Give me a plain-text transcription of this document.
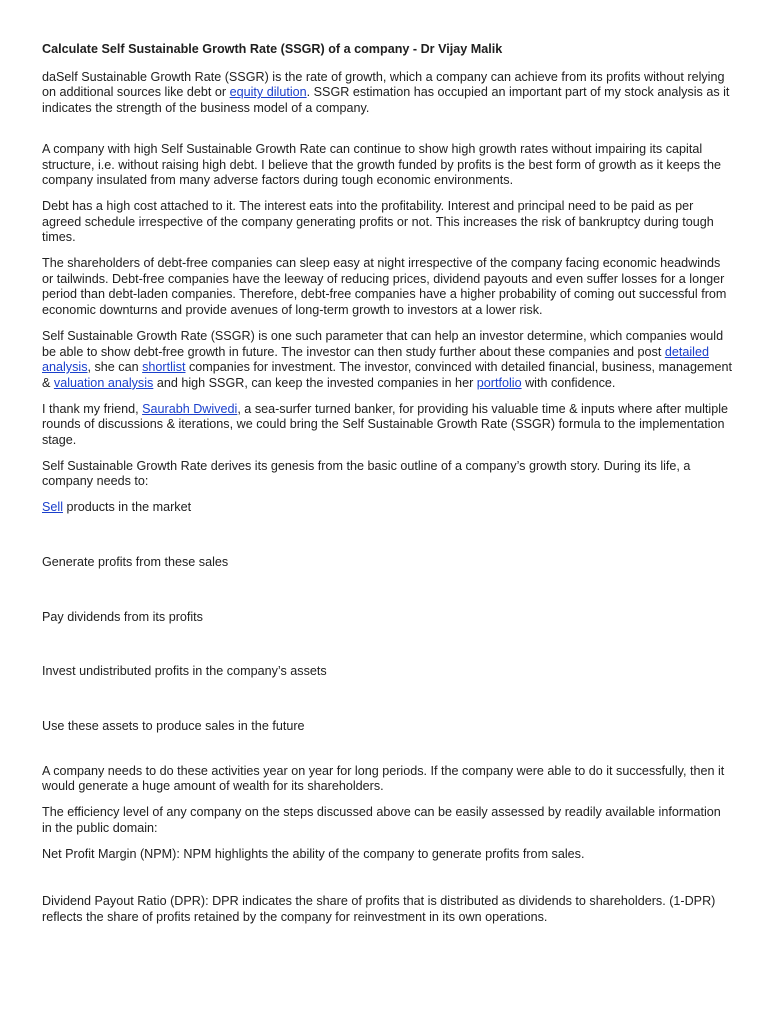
Calculate Self Sustainable Growth Rate (SSGR) of a company - Dr Vijay Malik

daSelf Sustainable Growth Rate (SSGR) is the rate of growth, which a company can achieve from its profits without relying on additional sources like debt or equity dilution. SSGR estimation has occupied an important part of my stock analysis as it indicates the strength of the business model of a company.

A company with high Self Sustainable Growth Rate can continue to show high growth rates without impairing its capital structure, i.e. without raising high debt. I believe that the growth funded by profits is the best form of growth as it keeps the company insulated from many adverse factors during tough economic environments.

Debt has a high cost attached to it. The interest eats into the profitability. Interest and principal need to be paid as per agreed schedule irrespective of the company generating profits or not. This increases the risk of bankruptcy during tough times.

The shareholders of debt-free companies can sleep easy at night irrespective of the company facing economic headwinds or tailwinds. Debt-free companies have the leeway of reducing prices, dividend payouts and even suffer losses for a longer period than debt-laden companies. Therefore, debt-free companies have a higher probability of coming out successful from economic downturns and provide avenues of long-term growth to investors at a lower risk.

Self Sustainable Growth Rate (SSGR) is one such parameter that can help an investor determine, which companies would be able to show debt-free growth in future. The investor can then study further about these companies and post detailed analysis, she can shortlist companies for investment. The investor, convinced with detailed financial, business, management & valuation analysis and high SSGR, can keep the invested companies in her portfolio with confidence.

I thank my friend, Saurabh Dwivedi, a sea-surfer turned banker, for providing his valuable time & inputs where after multiple rounds of discussions & iterations, we could bring the Self Sustainable Growth Rate (SSGR) formula to the implementation stage.

Self Sustainable Growth Rate derives its genesis from the basic outline of a company’s growth story. During its life, a company needs to:

Sell products in the market

Generate profits from these sales

Pay dividends from its profits

Invest undistributed profits in the company’s assets

Use these assets to produce sales in the future

A company needs to do these activities year on year for long periods. If the company were able to do it successfully, then it would generate a huge amount of wealth for its shareholders.

The efficiency level of any company on the steps discussed above can be easily assessed by readily available information in the public domain:

Net Profit Margin (NPM): NPM highlights the ability of the company to generate profits from sales.

Dividend Payout Ratio (DPR): DPR indicates the share of profits that is distributed as dividends to shareholders. (1-DPR) reflects the share of profits retained by the company for reinvestment in its own operations.
